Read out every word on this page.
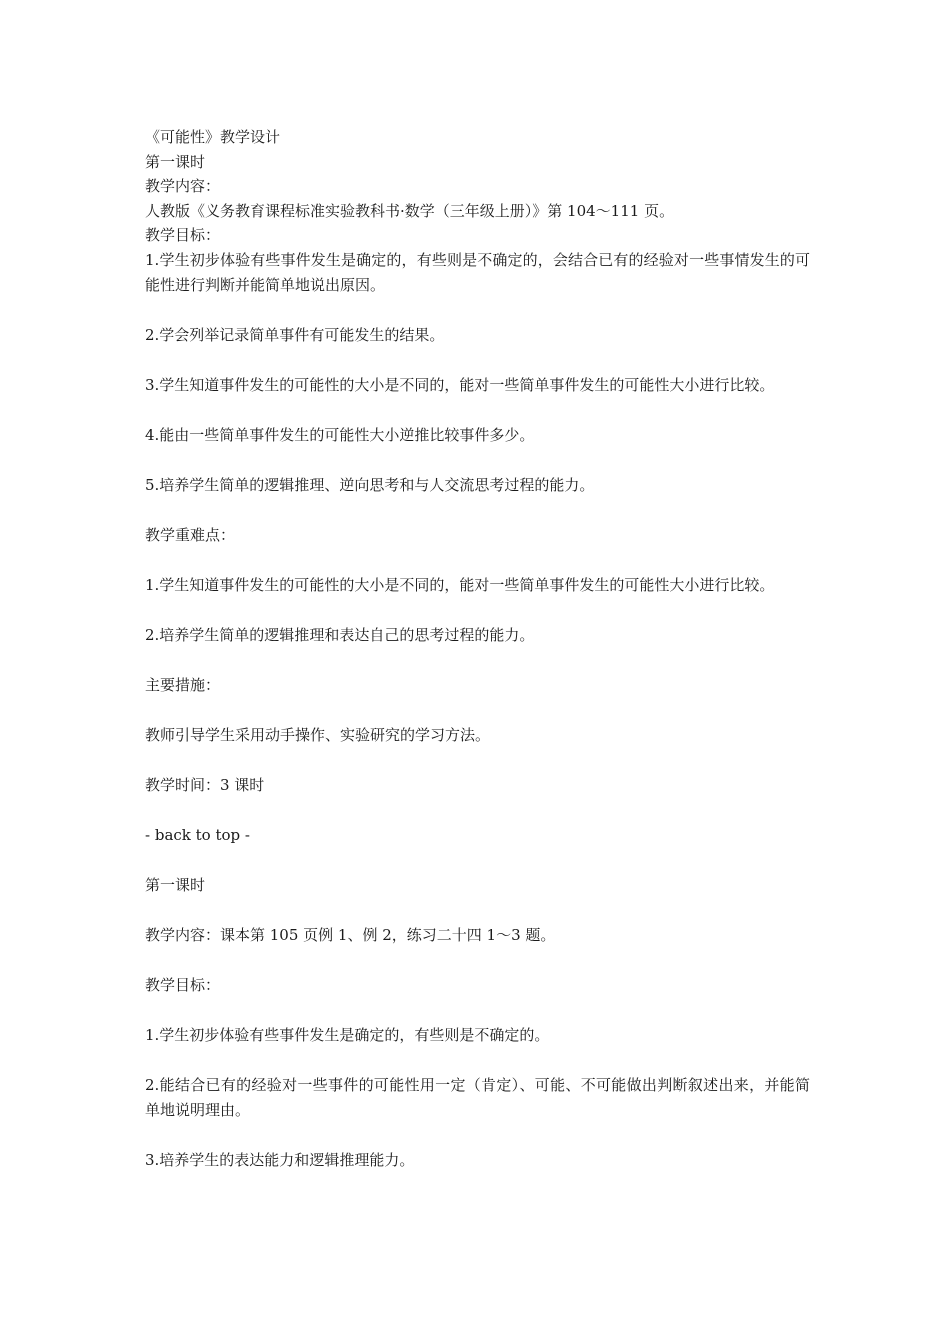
《可能性》教学设计

第一课时

教学内容：

人教版《义务教育课程标准实验教科书·数学（三年级上册）》第 104～111 页。

教学目标：

1.学生初步体验有些事件发生是确定的，有些则是不确定的，会结合已有的经验对一些事情发生的可能性进行判断并能简单地说出原因。

2.学会列举记录简单事件有可能发生的结果。

3.学生知道事件发生的可能性的大小是不同的，能对一些简单事件发生的可能性大小进行比较。

4.能由一些简单事件发生的可能性大小逆推比较事件多少。

5.培养学生简单的逻辑推理、逆向思考和与人交流思考过程的能力。

教学重难点：

1.学生知道事件发生的可能性的大小是不同的，能对一些简单事件发生的可能性大小进行比较。

2.培养学生简单的逻辑推理和表达自己的思考过程的能力。

主要措施：

教师引导学生采用动手操作、实验研究的学习方法。

教学时间：3 课时

- back to top -

第一课时

教学内容：课本第 105 页例 1、例 2，练习二十四 1～3 题。

教学目标：

1.学生初步体验有些事件发生是确定的，有些则是不确定的。

2.能结合已有的经验对一些事件的可能性用一定（肯定）、可能、不可能做出判断叙述出来，并能简单地说明理由。

3.培养学生的表达能力和逻辑推理能力。
